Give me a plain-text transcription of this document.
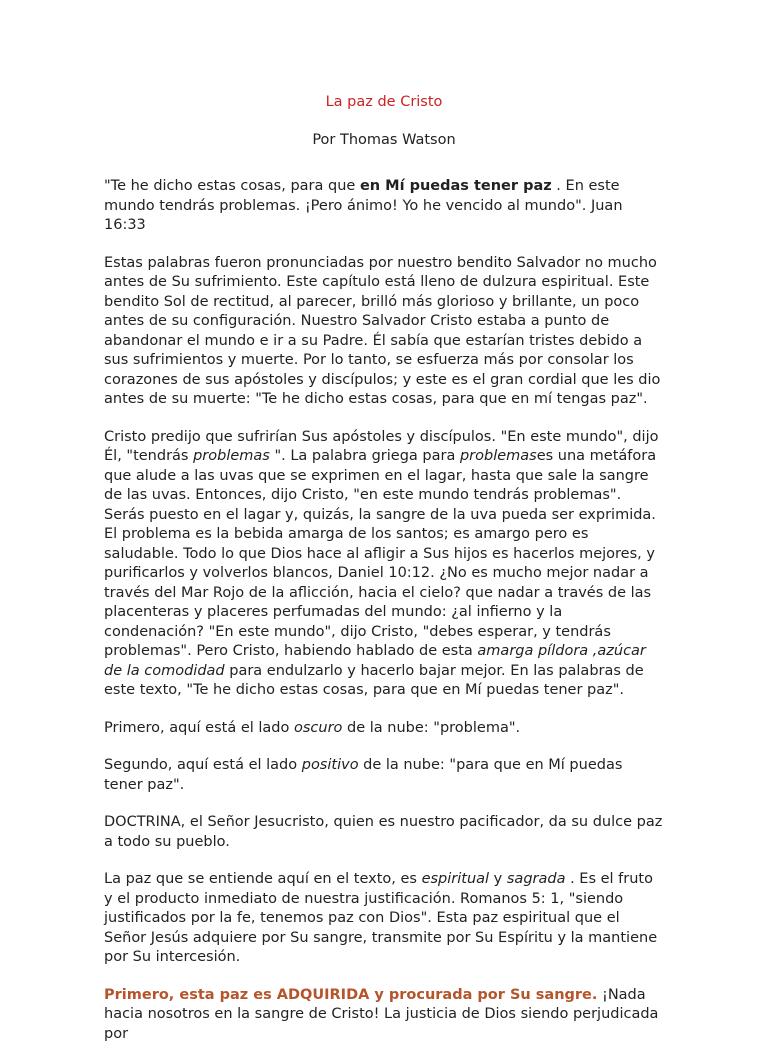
La paz de Cristo

Por Thomas Watson

"Te he dicho estas cosas, para que en Mí puedas tener paz . En este mundo tendrás problemas. ¡Pero ánimo! Yo he vencido al mundo". Juan 16:33

Estas palabras fueron pronunciadas por nuestro bendito Salvador no mucho antes de Su sufrimiento. Este capítulo está lleno de dulzura espiritual. Este bendito Sol de rectitud, al parecer, brilló más glorioso y brillante, un poco antes de su configuración. Nuestro Salvador Cristo estaba a punto de abandonar el mundo e ir a su Padre. Él sabía que estarían tristes debido a sus sufrimientos y muerte. Por lo tanto, se esfuerza más por consolar los corazones de sus apóstoles y discípulos; y este es el gran cordial que les dio antes de su muerte: "Te he dicho estas cosas, para que en mí tengas paz".

Cristo predijo que sufrirían Sus apóstoles y discípulos. "En este mundo", dijo Él, "tendrás problemas ". La palabra griega para problemases una metáfora que alude a las uvas que se exprimen en el lagar, hasta que sale la sangre de las uvas. Entonces, dijo Cristo, "en este mundo tendrás problemas". Serás puesto en el lagar y, quizás, la sangre de la uva pueda ser exprimida. El problema es la bebida amarga de los santos; es amargo pero es saludable. Todo lo que Dios hace al afligir a Sus hijos es hacerlos mejores, y purificarlos y volverlos blancos, Daniel 10:12. ¿No es mucho mejor nadar a través del Mar Rojo de la aflicción, hacia el cielo? que nadar a través de las placenteras y placeres perfumadas del mundo: ¿al infierno y la condenación? "En este mundo", dijo Cristo, "debes esperar, y tendrás problemas". Pero Cristo, habiendo hablado de esta amarga píldora ,azúcar de la comodidad para endulzarlo y hacerlo bajar mejor. En las palabras de este texto, "Te he dicho estas cosas, para que en Mí puedas tener paz".

Primero, aquí está el lado oscuro de la nube: "problema".

Segundo, aquí está el lado positivo de la nube: "para que en Mí puedas tener paz".

DOCTRINA, el Señor Jesucristo, quien es nuestro pacificador, da su dulce paz a todo su pueblo.

La paz que se entiende aquí en el texto, es espiritual y sagrada . Es el fruto y el producto inmediato de nuestra justificación. Romanos 5: 1, "siendo justificados por la fe, tenemos paz con Dios". Esta paz espiritual que el Señor Jesús adquiere por Su sangre, transmite por Su Espíritu y la mantiene por Su intercesión.

Primero, esta paz es ADQUIRIDA y procurada por Su sangre. ¡Nada hacia nosotros en la sangre de Cristo! La justicia de Dios siendo perjudicada por
